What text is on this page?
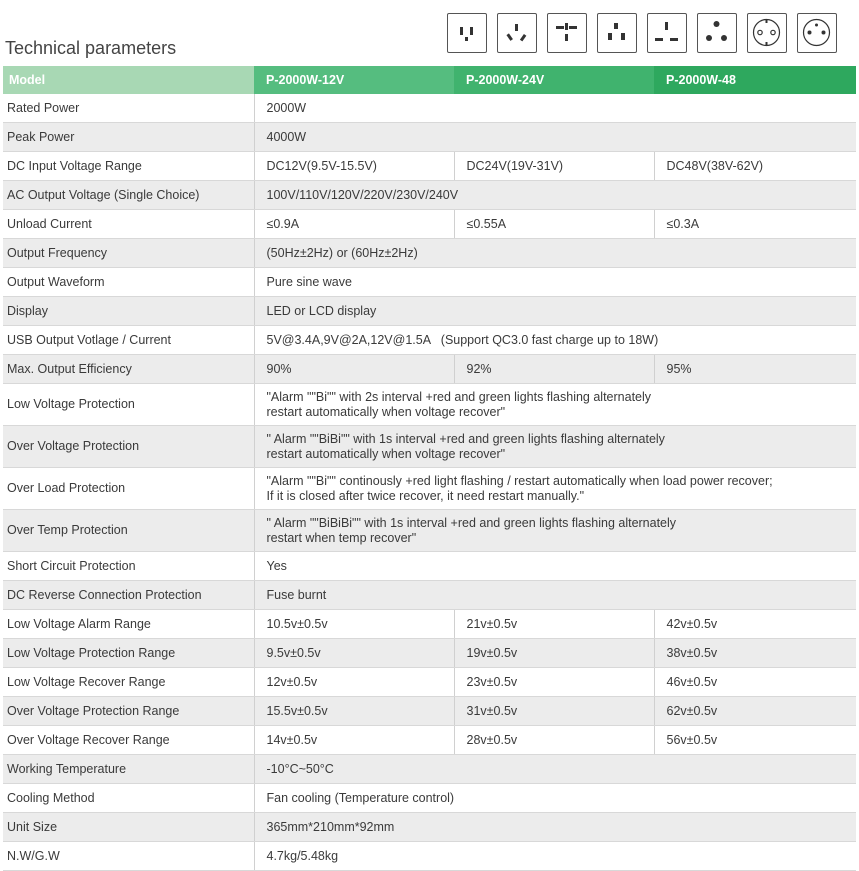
Technical parameters
Model	P-2000W-12V	P-2000W-24V	P-2000W-48
Rated Power	2000W		
Peak Power	4000W		
DC Input Voltage Range	DC12V(9.5V-15.5V)	DC24V(19V-31V)	DC48V(38V-62V)
AC Output Voltage (Single Choice)	100V/110V/120V/220V/230V/240V		
Unload Current	≤0.9A	≤0.55A	≤0.3A
Output Frequency	(50Hz±2Hz) or (60Hz±2Hz)		
Output Waveform	Pure sine wave		
Display	LED or LCD display		
USB Output Votlage / Current	5V@3.4A,9V@2A,12V@1.5A   (Support QC3.0 fast charge up to 18W)		
Max. Output Efficiency	90%	92%	95%
Low Voltage Protection	"Alarm ""Bi"" with 2s interval +red and green lights flashing alternately
restart automatically when voltage recover"		

Over Voltage Protection	" Alarm ""BiBi"" with 1s interval +red and green lights flashing alternately
restart automatically when voltage recover"		

Over Load Protection	"Alarm ""Bi"" continously +red light flashing / restart automatically when load power recover;
If it is closed after twice recover, it need restart manually."		

Over Temp Protection	" Alarm ""BiBiBi"" with 1s interval +red and green lights flashing alternately
restart when temp recover"		

Short Circuit Protection	Yes		
DC Reverse Connection Protection	Fuse burnt		
Low Voltage Alarm Range	10.5v±0.5v	21v±0.5v	42v±0.5v
Low Voltage Protection Range	9.5v±0.5v	19v±0.5v	38v±0.5v
Low Voltage Recover Range	12v±0.5v	23v±0.5v	46v±0.5v
Over Voltage Protection Range	15.5v±0.5v	31v±0.5v	62v±0.5v
Over Voltage Recover Range	14v±0.5v	28v±0.5v	56v±0.5v
Working Temperature	-10°C~50°C		
Cooling Method	Fan cooling (Temperature control)		
Unit Size	365mm*210mm*92mm		
N.W/G.W	4.7kg/5.48kg		
